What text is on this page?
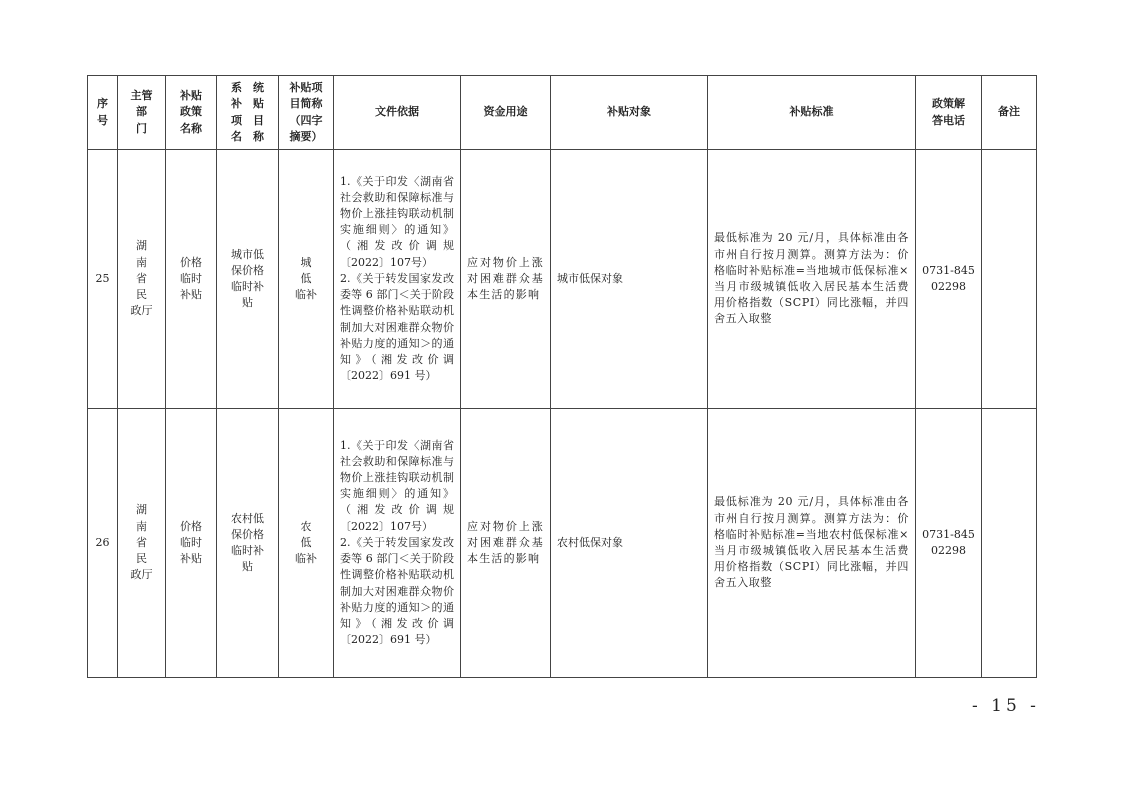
序
号	主管
部
门	补贴
政策
名称	系　统
补　贴
项　目
名　称	补贴项
目简称
（四字
摘要）	文件依据	资金用途	补贴对象	补贴标准	政策解
答电话	备注
25	湖
南
省
民
政厅	价格
临时
补贴	城市低
保价格
临时补
贴	城
低
临补	1.《关于印发〈湖南省社会救助和保障标准与物价上涨挂钩联动机制实施细则〉的通知》（湘发改价调规〔2022〕107号）
2.《关于转发国家发改委等 6 部门＜关于阶段性调整价格补贴联动机制加大对困难群众物价补贴力度的通知＞的通知》（湘发改价调〔2022〕691 号）	应对物价上涨对困难群众基本生活的影响	城市低保对象	最低标准为 20 元/月，具体标准由各市州自行按月测算。测算方法为：价格临时补贴标准=当地城市低保标准×当月市级城镇低收入居民基本生活费用价格指数（SCPI）同比涨幅，并四舍五入取整	0731-845
02298	

26	湖
南
省
民
政厅	价格
临时
补贴	农村低
保价格
临时补
贴	农
低
临补	1.《关于印发〈湖南省社会救助和保障标准与物价上涨挂钩联动机制实施细则〉的通知》（湘发改价调规〔2022〕107号）
2.《关于转发国家发改委等 6 部门＜关于阶段性调整价格补贴联动机制加大对困难群众物价补贴力度的通知＞的通知》（湘发改价调〔2022〕691 号）	应对物价上涨对困难群众基本生活的影响	农村低保对象	最低标准为 20 元/月，具体标准由各市州自行按月测算。测算方法为：价格临时补贴标准=当地农村低保标准×当月市级城镇低收入居民基本生活费用价格指数（SCPI）同比涨幅，并四舍五入取整	0731-845
02298	

- 15 -
